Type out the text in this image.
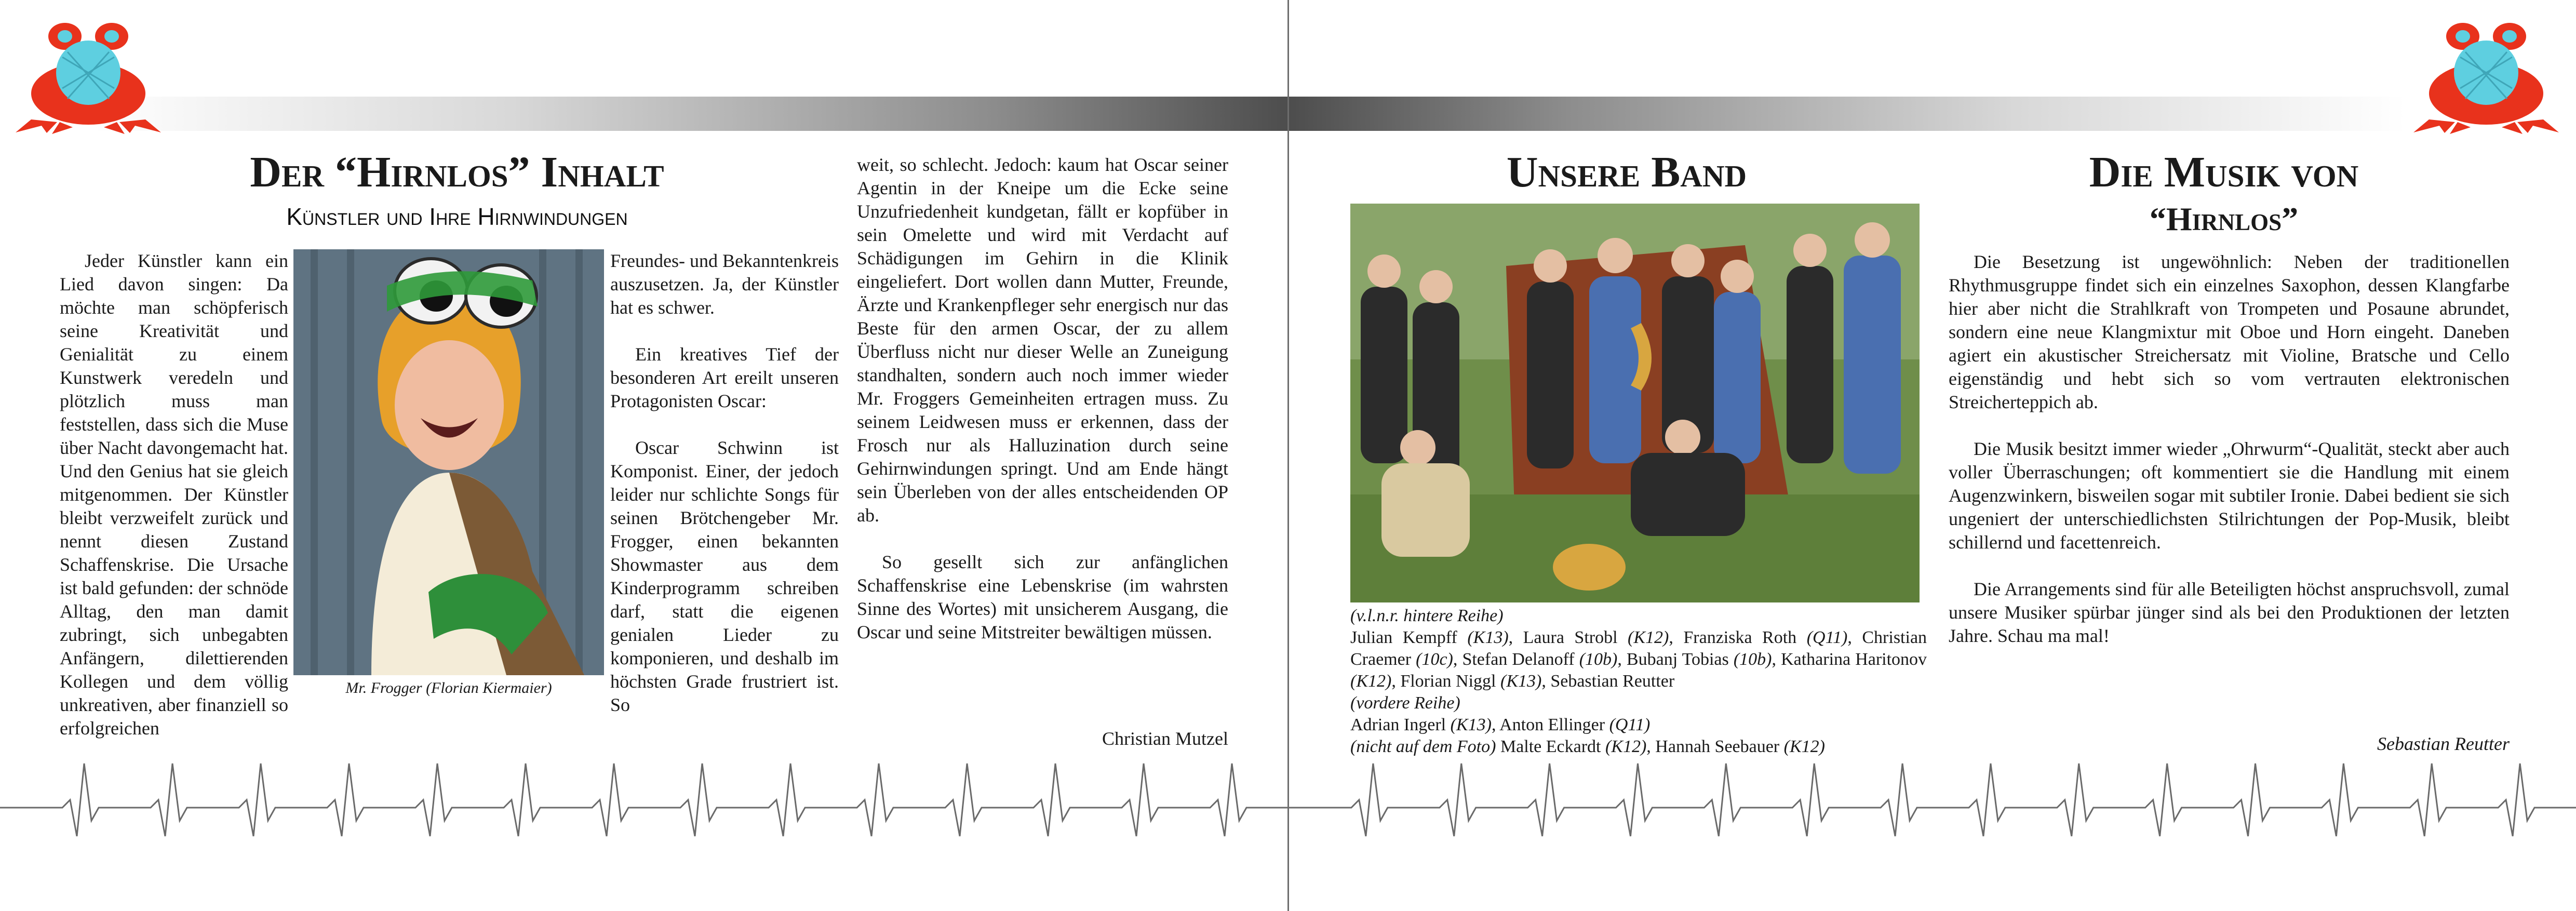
Der “Hirnlos” Inhalt
Künstler und Ihre Hirnwindungen

Jeder Künstler kann ein Lied davon singen: Da möchte man schöpferisch seine Kreativität und Genialität zu einem Kunstwerk veredeln und plötzlich muss man feststellen, dass sich die Muse über Nacht davongemacht hat. Und den Genius hat sie gleich mitgenommen. Der Künstler bleibt verzweifelt zurück und nennt diesen Zustand Schaffenskrise. Die Ursache ist bald gefunden: der schnöde Alltag, den man damit zubringt, sich unbegabten Anfängern, dilettierenden Kollegen und dem völlig unkreativen, aber finanziell so erfolgreichen

Mr. Frogger (Florian Kiermaier)

Freundes- und Bekanntenkreis auszusetzen. Ja, der Künstler hat es schwer.

Ein kreatives Tief der besonderen Art ereilt unseren Protagonisten Oscar:

Oscar Schwinn ist Komponist. Einer, der jedoch leider nur schlichte Songs für seinen Brötchengeber Mr. Frogger, einen bekannten Showmaster aus dem Kinderprogramm schreiben darf, statt die eigenen genialen Lieder zu komponieren, und deshalb im höchsten Grade frustriert ist. So

weit, so schlecht. Jedoch: kaum hat Oscar seiner Agentin in der Kneipe um die Ecke seine Unzufriedenheit kundgetan, fällt er kopfüber in sein Omelette und wird mit Verdacht auf Schädigungen im Gehirn in die Klinik eingeliefert. Dort wollen dann Mutter, Freunde, Ärzte und Krankenpfleger sehr energisch nur das Beste für den armen Oscar, der zu allem Überfluss nicht nur dieser Welle an Zuneigung standhalten, sondern auch noch immer wieder Mr. Froggers Gemeinheiten ertragen muss. Zu seinem Leidwesen muss er erkennen, dass der Frosch nur als Halluzination durch seine Gehirnwindungen springt. Und am Ende hängt sein Überleben von der alles entscheidenden OP ab.

So gesellt sich zur anfänglichen Schaffenskrise eine Lebenskrise (im wahrsten Sinne des Wortes) mit unsicherem Ausgang, die Oscar und seine Mitstreiter bewältigen müssen.

Christian Mutzel
Unsere Band
(v.l.n.r. hintere Reihe)
Julian Kempff (K13), Laura Strobl (K12), Franziska Roth (Q11), Christian Craemer (10c), Stefan Delanoff (10b), Bubanj Tobias (10b), Katharina Haritonov (K12), Florian Niggl (K13), Sebastian Reutter
(vordere Reihe)
Adrian Ingerl (K13), Anton Ellinger (Q11)
(nicht auf dem Foto) Malte Eckardt (K12), Hannah Seebauer (K12)
Die Musik von
“Hirnlos”

Die Besetzung ist ungewöhnlich: Neben der traditionellen Rhythmusgruppe findet sich ein einzelnes Saxophon, dessen Klangfarbe hier aber nicht die Strahlkraft von Trompeten und Posaune abrundet, sondern eine neue Klangmixtur mit Oboe und Horn eingeht. Daneben agiert ein akustischer Streichersatz mit Violine, Bratsche und Cello eigenständig und hebt sich so vom vertrauten elektronischen Streicherteppich ab.

Die Musik besitzt immer wieder „Ohrwurm“-Qualität, steckt aber auch voller Überraschungen; oft kommentiert sie die Handlung mit einem Augenzwinkern, bisweilen sogar mit subtiler Ironie. Dabei bedient sie sich ungeniert der unterschiedlichsten Stilrichtungen der Pop-Musik, bleibt schillernd und facettenreich.

Die Arrangements sind für alle Beteiligten höchst anspruchsvoll, zumal unsere Musiker spürbar jünger sind als bei den Produktionen der letzten Jahre. Schau ma mal!

Sebastian Reutter
